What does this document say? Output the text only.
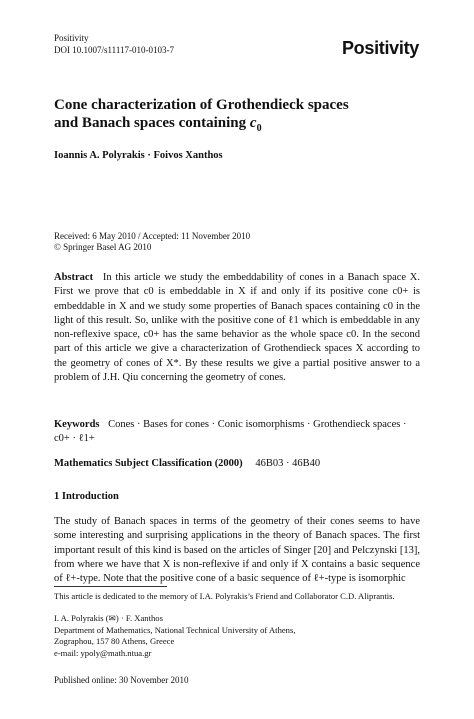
Positivity
DOI 10.1007/s11117-010-0103-7	Positivity
Cone characterization of Grothendieck spaces
and Banach spaces containing $c_0$
Ioannis A. Polyrakis · Foivos Xanthos
Received: 6 May 2010 / Accepted: 11 November 2010
© Springer Basel AG 2010
Abstract In this article we study the embeddability of cones in a Banach space X. First we prove that c0 is embeddable in X if and only if its positive cone c0+ is embeddable in X and we study some properties of Banach spaces containing c0 in the light of this result. So, unlike with the positive cone of ℓ1 which is embeddable in any non-reflexive space, c0+ has the same behavior as the whole space c0. In the second part of this article we give a characterization of Grothendieck spaces X according to the geometry of cones of X*. By these results we give a partial positive answer to a problem of J.H. Qiu concerning the geometry of cones.
Keywords Cones · Bases for cones · Conic isomorphisms · Grothendieck spaces · c0+ · ℓ1+
Mathematics Subject Classification (2000) 46B03 · 46B40
1 Introduction
The study of Banach spaces in terms of the geometry of their cones seems to have some interesting and surprising applications in the theory of Banach spaces. The first important result of this kind is based on the articles of Singer [20] and Pelczynski [13], from where we have that X is non-reflexive if and only if X contains a basic sequence of ℓ+-type. Note that the positive cone of a basic sequence of ℓ+-type is isomorphic
This article is dedicated to the memory of I.A. Polyrakis’s Friend and Collaborator C.D. Aliprantis.
I. A. Polyrakis (✉) · F. Xanthos
Department of Mathematics, National Technical University of Athens,
Zographou, 157 80 Athens, Greece
e-mail: ypoly@math.ntua.gr
Published online: 30 November 2010
